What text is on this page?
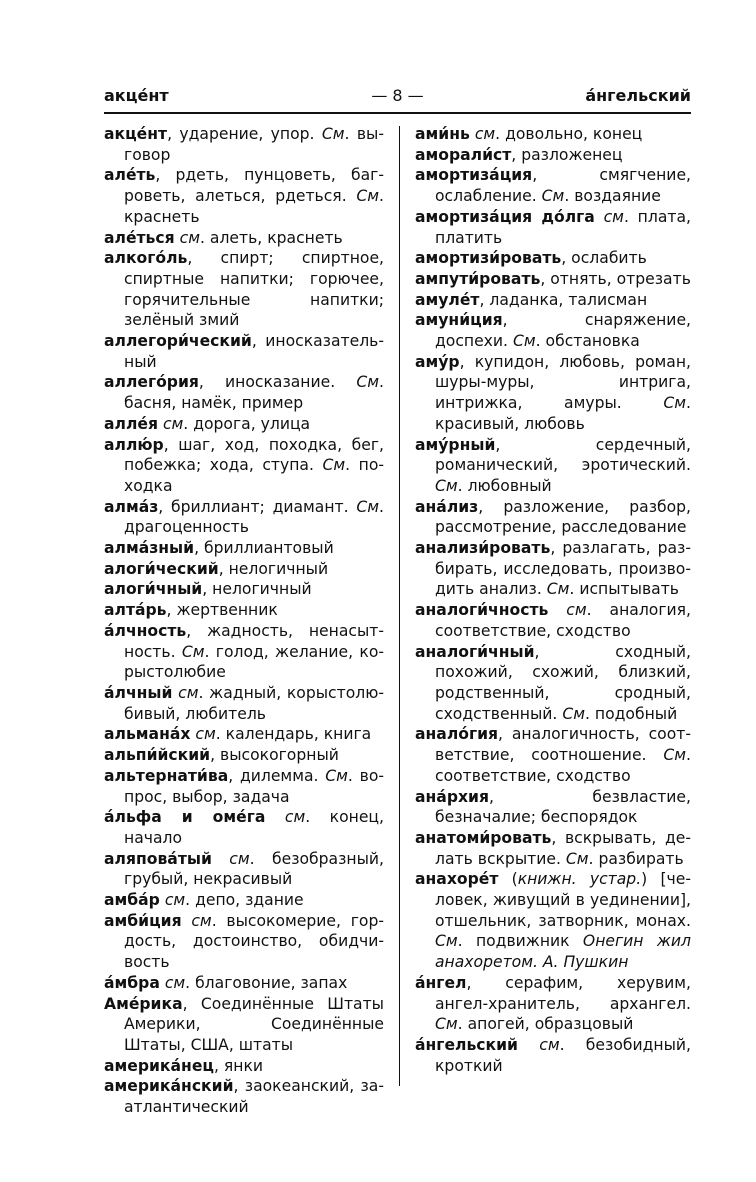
акце́нт	— 8 —	а́нгельский
акце́нт, ударение, упор. См. выговор
але́ть, рдеть, пунцоветь, багроветь, алеться, рдеться. См. краснеть
але́ться см. алеть, краснеть
алкого́ль, спирт; спиртное, спиртные напитки; горючее, горячительные напитки; зелёный змий
аллегори́ческий, иносказательный
аллего́рия, иносказание. См. басня, намёк, пример
алле́я см. дорога, улица
аллю́р, шаг, ход, походка, бег, побежка; хода, ступа. См. походка
алма́з, бриллиант; диамант. См. драгоценность
алма́зный, бриллиантовый
алоги́ческий, нелогичный
алоги́чный, нелогичный
алта́рь, жертвенник
а́лчность, жадность, ненасытность. См. голод, желание, корыстолюбие
а́лчный см. жадный, корыстолюбивый, любитель
альмана́х см. календарь, книга
альпи́йский, высокогорный
альтернати́ва, дилемма. См. вопрос, выбор, задача
а́льфа и оме́га см. конец, начало
аляпова́тый см. безобразный, грубый, некрасивый
амба́р см. депо, здание
амби́ция см. высокомерие, гордость, достоинство, обидчивость
а́мбра см. благовоние, запах
Аме́рика, Соединённые Штаты Америки, Соединённые Штаты, США, штаты
америка́нец, янки
америка́нский, заокеанский, заатлантический
ами́нь см. довольно, конец
аморали́ст, разложенец
амортиза́ция, смягчение, ослабление. См. воздаяние
амортиза́ция до́лга см. плата, платить
амортизи́ровать, ослабить
ампути́ровать, отнять, отрезать
амуле́т, ладанка, талисман
амуни́ция, снаряжение, доспехи. См. обстановка
аму́р, купидон, любовь, роман, шуры-муры, интрига, интрижка, амуры. См. красивый, любовь
аму́рный, сердечный, романический, эротический. См. любовный
ана́лиз, разложение, разбор, рассмотрение, расследование
анализи́ровать, разлагать, разбирать, исследовать, производить анализ. См. испытывать
аналоги́чность см. аналогия, соответствие, сходство
аналоги́чный, сходный, похожий, схожий, близкий, родственный, сродный, сходственный. См. подобный
анало́гия, аналогичность, соответствие, соотношение. См. соответствие, сходство
ана́рхия, безвластие, безначалие; беспорядок
анатоми́ровать, вскрывать, делать вскрытие. См. разбирать
анахоре́т (книжн. устар.) [человек, живущий в уединении], отшельник, затворник, монах. См. подвижник Онегин жил анахоретом. А. Пушкин
а́нгел, серафим, херувим, ангел-хранитель, архангел. См. апогей, образцовый
а́нгельский см. безобидный, кроткий
